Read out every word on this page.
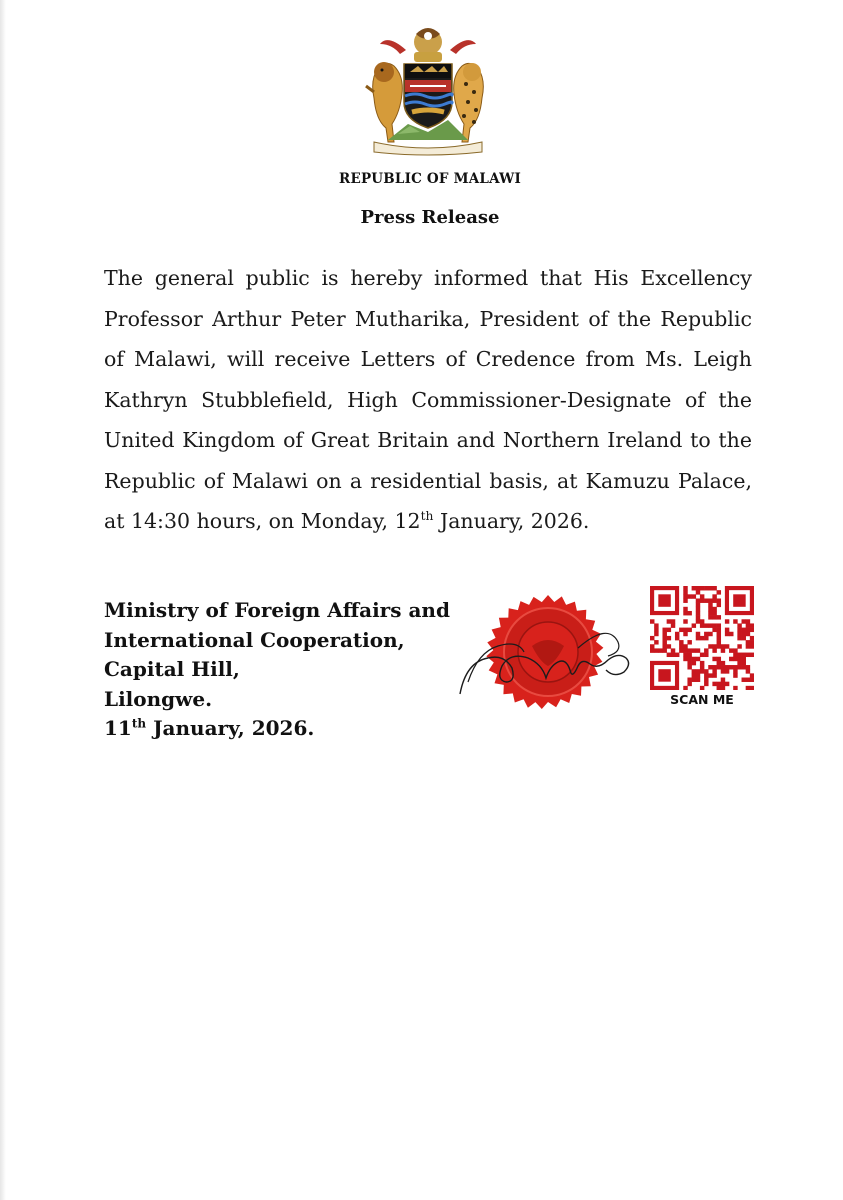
REPUBLIC OF MALAWI
Press Release

The general public is hereby informed that His Excellency Professor Arthur Peter Mutharika, President of the Republic of Malawi, will receive Letters of Credence from Ms. Leigh Kathryn Stubblefield, High Commissioner-Designate of the United Kingdom of Great Britain and Northern Ireland to the Republic of Malawi on a residential basis, at Kamuzu Palace, at 14:30 hours, on Monday, 12th January, 2026.

Ministry of Foreign Affairs and
International Cooperation,
Capital Hill,
Lilongwe.
11th January, 2026.
SCAN ME
